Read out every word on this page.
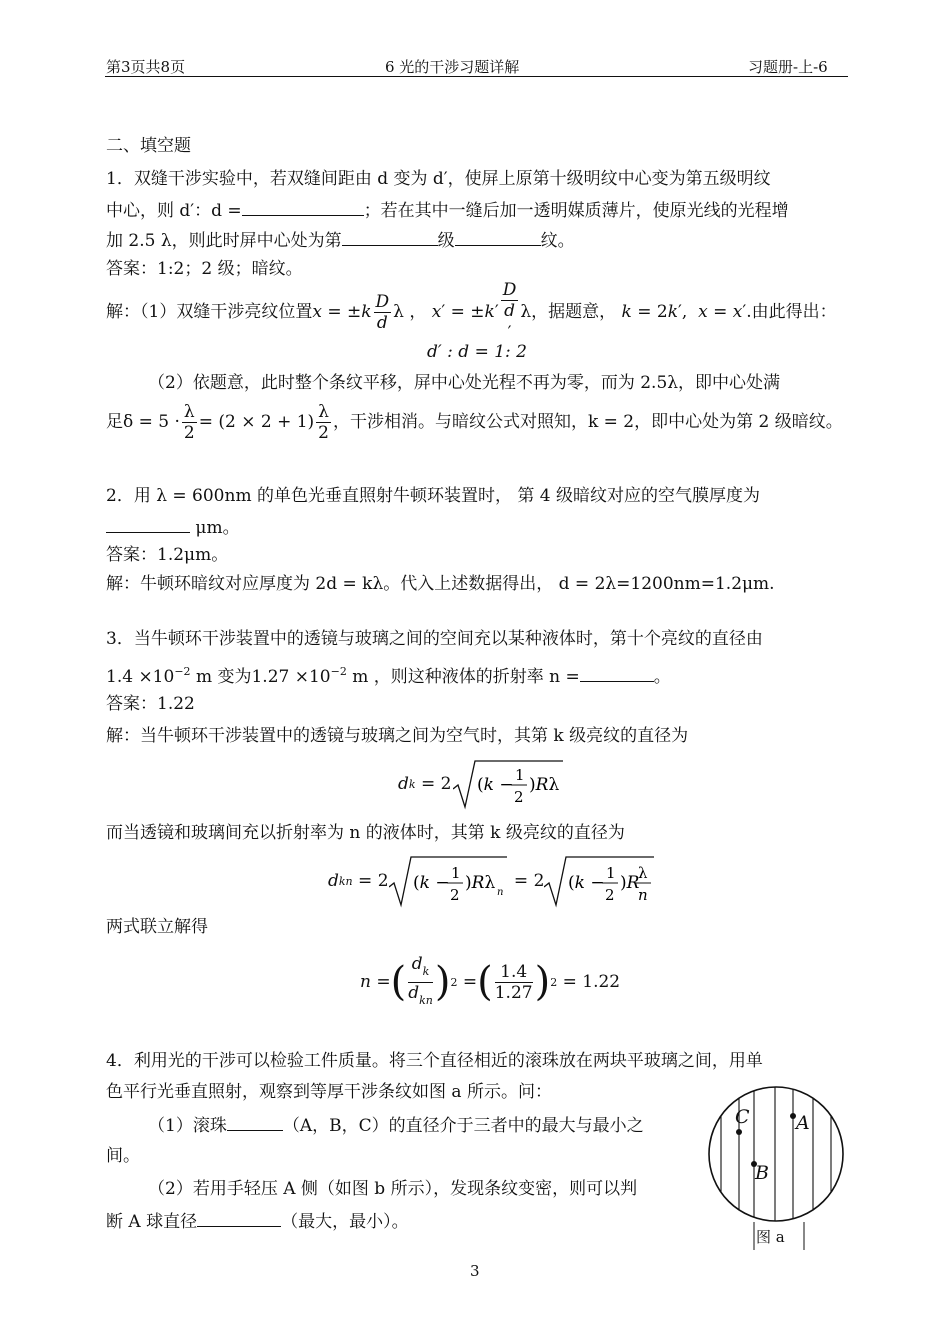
第3页共8页	6 光的干涉习题详解	习题册-上-6
二、填空题
1．双缝干涉实验中，若双缝间距由 d 变为 d′，使屏上原第十级明纹中心变为第五级明纹
中心，则 d′：d =	；若在其中一缝后加一透明媒质薄片，使原光线的光程增
加 2.5 λ，则此时屏中心处为第	级	纹。
答案：1:2；2 级；暗纹。
解：（1）双缝干涉亮纹位置 $x = \pm k \frac{D}{d}$ λ ， x′ = ±k′
D
d
′λ ，据题意， k = 2k′,  x = x′ .由此得出：
d′ : d = 1: 2
（2）依题意，此时整个条纹平移，屏中心处光程不再为零，而为 2.5λ，即中心处满
足 $\delta = 5 \cdot \frac{\lambda}{2} = (2 \times 2 + 1) \frac{\lambda}{2}$ ，干涉相消。与暗纹公式对照知，k = 2，即中心处为第 2 级暗纹。
2．用 λ = 600nm 的单色光垂直照射牛顿环装置时， 第 4 级暗纹对应的空气膜厚度为
μm。
答案：1.2μm。
解：牛顿环暗纹对应厚度为 2d = kλ。代入上述数据得出， d = 2λ=1200nm=1.2μm.
3．当牛顿环干涉装置中的透镜与玻璃之间的空间充以某种液体时，第十个亮纹的直径由
$1.4 \times 10^{-2}$ m 变为$1.27 \times 10^{-2}$ m ，则这种液体的折射率 n =	。
答案：1.22
解：当牛顿环干涉装置中的透镜与玻璃之间为空气时，其第 k 级亮纹的直径为
d k = 2 (k − 1
2
)Rλ
而当透镜和玻璃间充以折射率为 n 的液体时，其第 k 级亮纹的直径为
d kn = 2 (k − 1
2
)Rλ n
= 2 (k − 1
2
)R
λ
n
两式联立解得
n = ( $\frac{d_k}{d_{kn}}$ ) 2 = ( $\frac{1.4}{1.27}$ ) 2 = 1.22
4．利用光的干涉可以检验工件质量。将三个直径相近的滚珠放在两块平玻璃之间，用单
色平行光垂直照射，观察到等厚干涉条纹如图 a 所示。问：
（1）滚珠	（A，B，C）的直径介于三者中的最大与最小之
间。
（2）若用手轻压 A 侧（如图 b 所示），发现条纹变密，则可以判
断 A 球直径	（最大，最小）。
C A
B
图 a
3
